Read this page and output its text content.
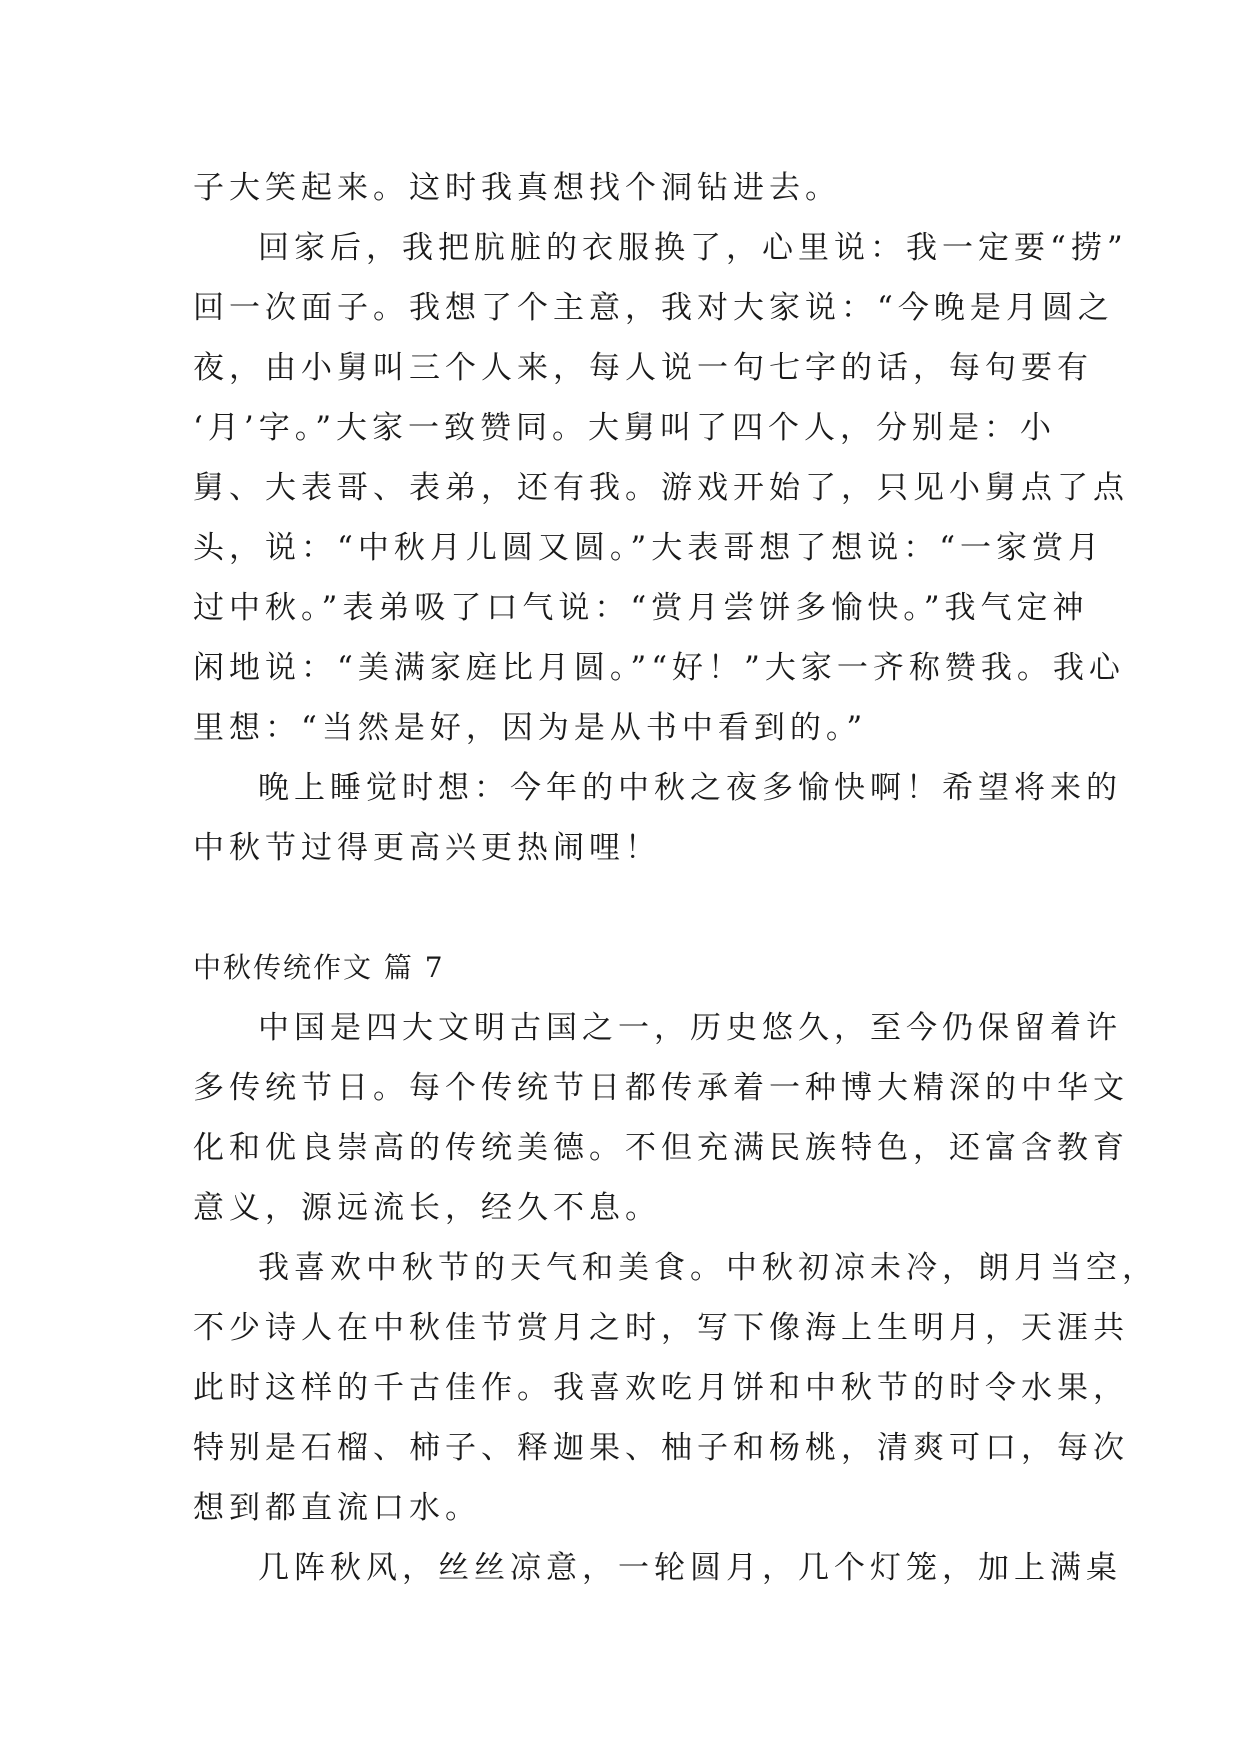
子大笑起来。这时我真想找个洞钻进去。
回家后，我把肮脏的衣服换了，心里说：我一定要“捞”
回一次面子。我想了个主意，我对大家说：“今晚是月圆之
夜，由小舅叫三个人来，每人说一句七字的话，每句要有
‘月’字。”大家一致赞同。大舅叫了四个人，分别是：小
舅、大表哥、表弟，还有我。游戏开始了，只见小舅点了点
头，说：“中秋月儿圆又圆。”大表哥想了想说：“一家赏月
过中秋。”表弟吸了口气说：“赏月尝饼多愉快。”我气定神
闲地说：“美满家庭比月圆。”“好！”大家一齐称赞我。我心
里想：“当然是好，因为是从书中看到的。”
晚上睡觉时想：今年的中秋之夜多愉快啊！希望将来的
中秋节过得更高兴更热闹哩！
中秋传统作文 篇 7
中国是四大文明古国之一，历史悠久，至今仍保留着许
多传统节日。每个传统节日都传承着一种博大精深的中华文
化和优良崇高的传统美德。不但充满民族特色，还富含教育
意义，源远流长，经久不息。
我喜欢中秋节的天气和美食。中秋初凉未冷，朗月当空，
不少诗人在中秋佳节赏月之时，写下像海上生明月，天涯共
此时这样的千古佳作。我喜欢吃月饼和中秋节的时令水果，
特别是石榴、柿子、释迦果、柚子和杨桃，清爽可口，每次
想到都直流口水。
几阵秋风，丝丝凉意，一轮圆月，几个灯笼，加上满桌
